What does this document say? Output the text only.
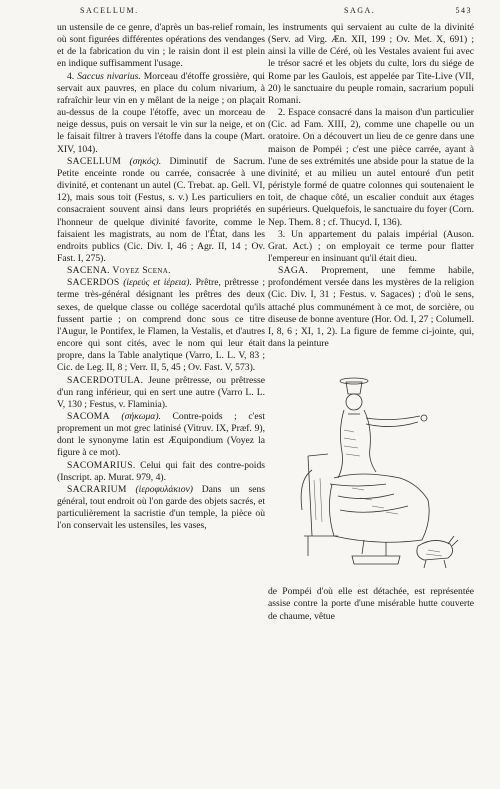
SACELLUM.	SAGA.	543

un ustensile de ce genre, d'après un bas-relief romain, où sont figurées différentes opérations des vendanges et de la fabrication du vin ; le raisin dont il est plein en indique suffisamment l'usage.

4. Saccus nivarius. Morceau d'étoffe grossière, qui servait aux pauvres, en place du colum nivarium, à rafraîchir leur vin en y mêlant de la neige ; on plaçait au-dessus de la coupe l'étoffe, avec un morceau de neige dessus, puis on versait le vin sur la neige, et on le faisait filtrer à travers l'étoffe dans la coupe (Mart. XIV, 104).

SACELLUM (σηκός). Diminutif de Sacrum. Petite enceinte ronde ou carrée, consacrée à une divinité, et contenant un autel (C. Trebat. ap. Gell. VI, 12), mais sous toit (Festus, s. v.) Les particuliers en consacraient souvent ainsi dans leurs propriétés en l'honneur de quelque divinité favorite, comme le faisaient les magistrats, au nom de l'État, dans les endroits publics (Cic. Div. I, 46 ; Agr. II, 14 ; Ov. Fast. I, 275).

SACENA. Voyez Scena.

SACERDOS (ἱερεύς et ἱέρεια). Prêtre, prêtresse ; terme très-général désignant les prêtres des deux sexes, de quelque classe ou collége sacerdotal qu'ils fussent partie ; on comprend donc sous ce titre l'Augur, le Pontifex, le Flamen, la Vestalis, et d'autres encore qui sont cités, avec le nom qui leur était propre, dans la Table analytique (Varro, L. L. V, 83 ; Cic. de Leg. II, 8 ; Verr. II, 5, 45 ; Ov. Fast. V, 573).

SACERDOTULA. Jeune prêtresse, ou prêtresse d'un rang inférieur, qui en sert une autre (Varro L. L. V, 130 ; Festus, v. Flaminia).

SACOMA (σήκωμα). Contre-poids ; c'est proprement un mot grec latinisé (Vitruv. IX, Præf. 9), dont le synonyme latin est Æquipondium (Voyez la figure à ce mot).

SACOMARIUS. Celui qui fait des contre-poids (Inscript. ap. Murat. 979, 4).

SACRARIUM (ἱεροφυλάκιον) Dans un sens général, tout endroit où l'on garde des objets sacrés, et particulièrement la sacristie d'un temple, la pièce où l'on conservait les ustensiles, les vases,

les instruments qui servaient au culte de la divinité (Serv. ad Virg. Æn. XII, 199 ; Ov. Met. X, 691) ; ainsi la ville de Céré, où les Vestales avaient fui avec le trésor sacré et les objets du culte, lors du siége de Rome par les Gaulois, est appelée par Tite-Live (VII, 20) le sanctuaire du peuple romain, sacrarium populi Romani.

2. Espace consacré dans la maison d'un particulier (Cic. ad Fam. XIII, 2), comme une chapelle ou un oratoire. On a découvert un lieu de ce genre dans une maison de Pompéi ; c'est une pièce carrée, ayant à l'une de ses extrémités une abside pour la statue de la divinité, et au milieu un autel entouré d'un petit péristyle formé de quatre colonnes qui soutenaient le toit, de chaque côté, un escalier conduit aux étages supérieurs. Quelquefois, le sanctuaire du foyer (Corn. Nep. Them. 8 ; cf. Thucyd. I, 136).

3. Un appartement du palais impérial (Auson. Grat. Act.) ; on employait ce terme pour flatter l'empereur en insinuant qu'il était dieu.

SAGA. Proprement, une femme habile, profondément versée dans les mystères de la religion (Cic. Div. I, 31 ; Festus. v. Sagaces) ; d'où le sens, attaché plus communément à ce mot, de sorcière, ou diseuse de bonne aventure (Hor. Od. I, 27 ; Columell. I, 8, 6 ; XI, 1, 2). La figure de femme ci-jointe, qui, dans la peinture

de Pompéi d'où elle est détachée, est représentée assise contre la porte d'une misérable hutte couverte de chaume, vêtue
